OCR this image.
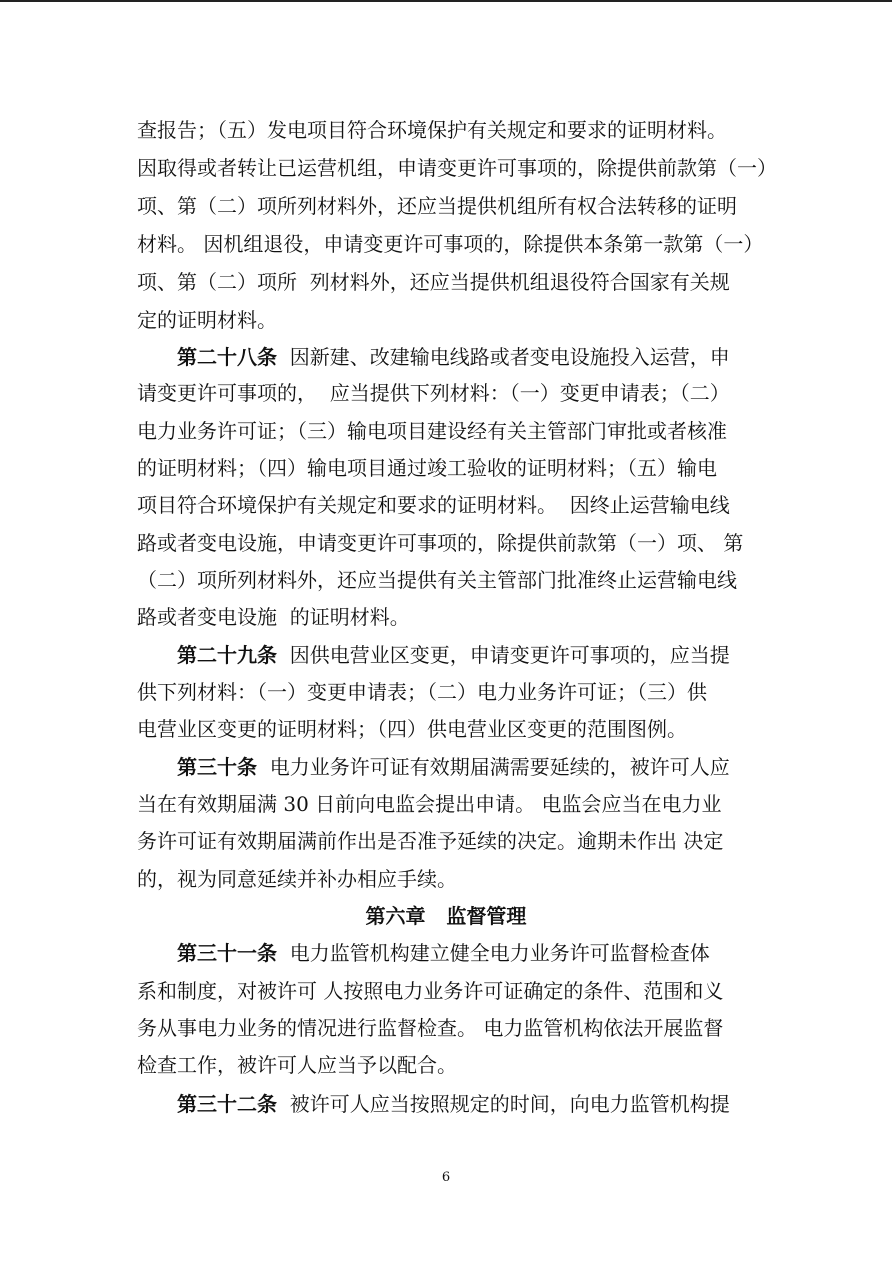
查报告；（五）发电项目符合环境保护有关规定和要求的证明材料。
因取得或者转让已运营机组，申请变更许可事项的，除提供前款第（一）
项、第（二）项所列材料外，还应当提供机组所有权合法转移的证明
材料。 因机组退役，申请变更许可事项的，除提供本条第一款第（一）
项、第（二）项所  列材料外，还应当提供机组退役符合国家有关规
定的证明材料。
第二十八条  因新建、改建输电线路或者变电设施投入运营，申
请变更许可事项的，  应当提供下列材料：（一）变更申请表；（二）
电力业务许可证；（三）输电项目建设经有关主管部门审批或者核准
的证明材料；（四）输电项目通过竣工验收的证明材料；（五）输电
项目符合环境保护有关规定和要求的证明材料。  因终止运营输电线
路或者变电设施，申请变更许可事项的，除提供前款第（一）项、 第
（二）项所列材料外，还应当提供有关主管部门批准终止运营输电线
路或者变电设施  的证明材料。
第二十九条  因供电营业区变更，申请变更许可事项的，应当提
供下列材料：（一）变更申请表；（二）电力业务许可证；（三）供
电营业区变更的证明材料；（四）供电营业区变更的范围图例。
第三十条  电力业务许可证有效期届满需要延续的，被许可人应
当在有效期届满 30 日前向电监会提出申请。 电监会应当在电力业
务许可证有效期届满前作出是否准予延续的决定。逾期未作出 决定
的，视为同意延续并补办相应手续。
第六章   监督管理
第三十一条  电力监管机构建立健全电力业务许可监督检查体
系和制度，对被许可 人按照电力业务许可证确定的条件、范围和义
务从事电力业务的情况进行监督检查。 电力监管机构依法开展监督
检查工作，被许可人应当予以配合。
第三十二条  被许可人应当按照规定的时间，向电力监管机构提
6
